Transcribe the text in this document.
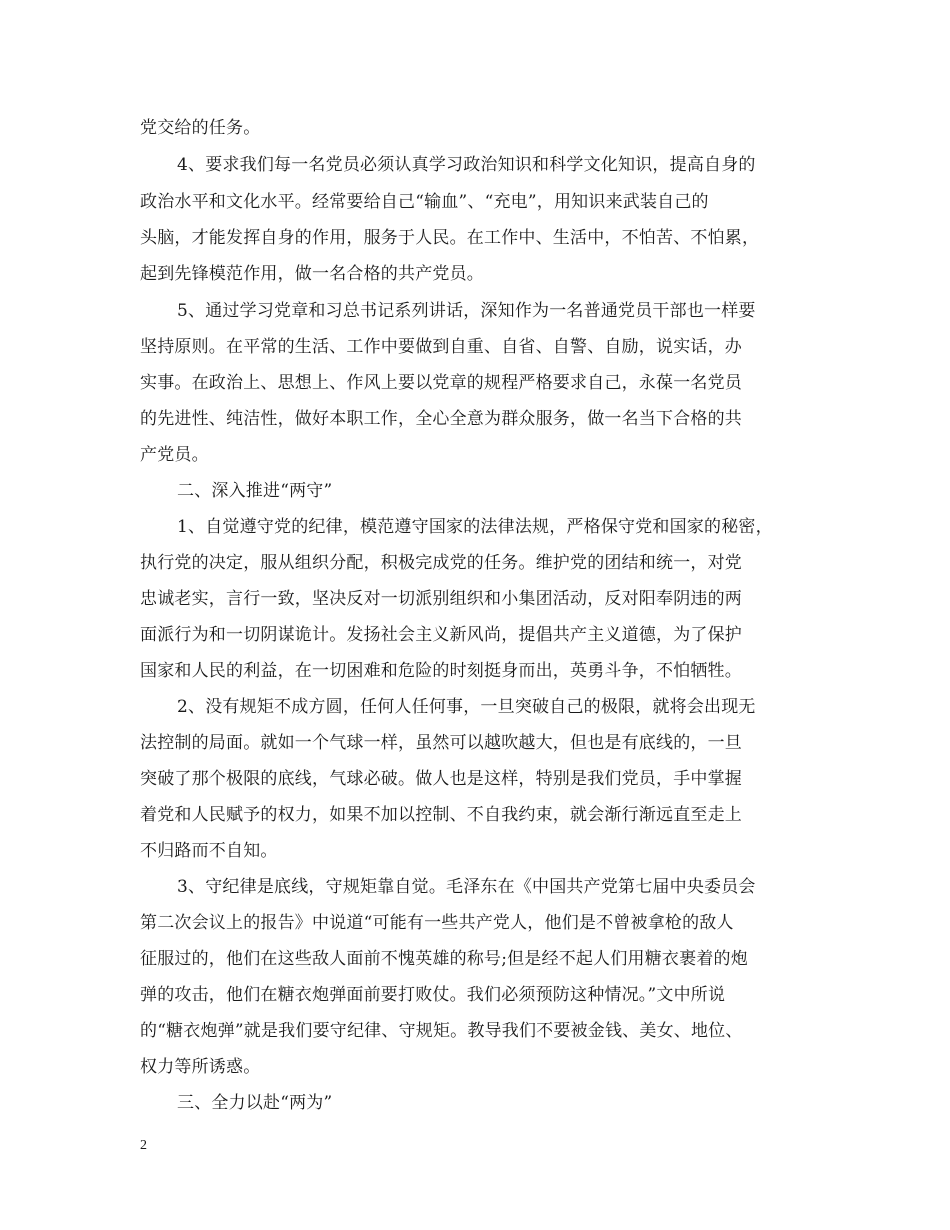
党交给的任务。
4、要求我们每一名党员必须认真学习政治知识和科学文化知识，提高自身的
政治水平和文化水平。经常要给自己“输血”、“充电”，用知识来武装自己的
头脑，才能发挥自身的作用，服务于人民。在工作中、生活中，不怕苦、不怕累，
起到先锋模范作用，做一名合格的共产党员。
5、通过学习党章和习总书记系列讲话，深知作为一名普通党员干部也一样要
坚持原则。在平常的生活、工作中要做到自重、自省、自警、自励，说实话，办
实事。在政治上、思想上、作风上要以党章的规程严格要求自己，永葆一名党员
的先进性、纯洁性，做好本职工作，全心全意为群众服务，做一名当下合格的共
产党员。
二、深入推进“两守”
1、自觉遵守党的纪律，模范遵守国家的法律法规，严格保守党和国家的秘密，
执行党的决定，服从组织分配，积极完成党的任务。维护党的团结和统一，对党
忠诚老实，言行一致，坚决反对一切派别组织和小集团活动，反对阳奉阴违的两
面派行为和一切阴谋诡计。发扬社会主义新风尚，提倡共产主义道德，为了保护
国家和人民的利益，在一切困难和危险的时刻挺身而出，英勇斗争，不怕牺牲。
2、没有规矩不成方圆，任何人任何事，一旦突破自己的极限，就将会出现无
法控制的局面。就如一个气球一样，虽然可以越吹越大，但也是有底线的，一旦
突破了那个极限的底线，气球必破。做人也是这样，特别是我们党员，手中掌握
着党和人民赋予的权力，如果不加以控制、不自我约束，就会渐行渐远直至走上
不归路而不自知。
3、守纪律是底线，守规矩靠自觉。毛泽东在《中国共产党第七届中央委员会
第二次会议上的报告》中说道“可能有一些共产党人，他们是不曾被拿枪的敌人
征服过的，他们在这些敌人面前不愧英雄的称号;但是经不起人们用糖衣裹着的炮
弹的攻击，他们在糖衣炮弹面前要打败仗。我们必须预防这种情况。”文中所说
的“糖衣炮弹”就是我们要守纪律、守规矩。教导我们不要被金钱、美女、地位、
权力等所诱惑。
三、全力以赴“两为”
2
